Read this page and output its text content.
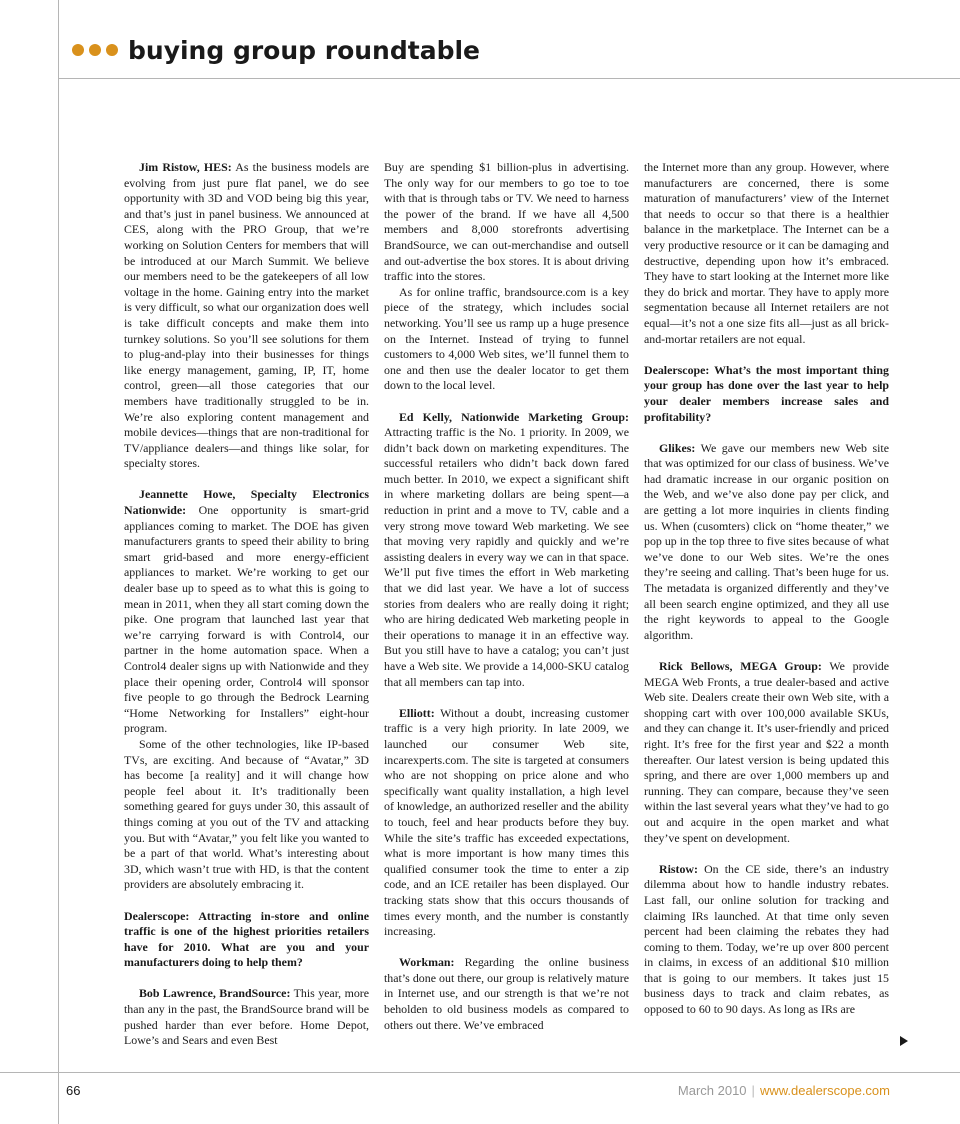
buying group roundtable

Jim Ristow, HES: As the business models are evolving from just pure flat panel, we do see opportunity with 3D and VOD being big this year, and that’s just in panel business. We announced at CES, along with the PRO Group, that we’re working on Solution Centers for members that will be introduced at our March Summit. We believe our members need to be the gatekeepers of all low voltage in the home. Gaining entry into the market is very difficult, so what our organization does well is take difficult concepts and make them into turnkey solutions. So you’ll see solutions for them to plug-and-play into their businesses for things like energy management, gaming, IP, IT, home control, green—all those categories that our members have traditionally struggled to be in. We’re also exploring content management and mobile devices—things that are non-traditional for TV/appliance dealers—and things like solar, for specialty stores.

Jeannette Howe, Specialty Electronics Nationwide: One opportunity is smart-grid appliances coming to market. The DOE has given manufacturers grants to speed their ability to bring smart grid-based and more energy-efficient appliances to market. We’re working to get our dealer base up to speed as to what this is going to mean in 2011, when they all start coming down the pike. One program that launched last year that we’re carrying forward is with Control4, our partner in the home automation space. When a Control4 dealer signs up with Nationwide and they place their opening order, Control4 will sponsor five people to go through the Bedrock Learning “Home Networking for Installers” eight-hour program.

Some of the other technologies, like IP-based TVs, are exciting. And because of “Avatar,” 3D has become [a reality] and it will change how people feel about it. It’s traditionally been something geared for guys under 30, this assault of things coming at you out of the TV and attacking you. But with “Avatar,” you felt like you wanted to be a part of that world. What’s interesting about 3D, which wasn’t true with HD, is that the content providers are absolutely embracing it.

Dealerscope: Attracting in-store and online traffic is one of the highest priorities retailers have for 2010. What are you and your manufacturers doing to help them?

Bob Lawrence, BrandSource: This year, more than any in the past, the BrandSource brand will be pushed harder than ever before. Home Depot, Lowe’s and Sears and even Best

Buy are spending $1 billion-plus in advertising. The only way for our members to go toe to toe with that is through tabs or TV. We need to harness the power of the brand. If we have all 4,500 members and 8,000 storefronts advertising BrandSource, we can out-merchandise and outsell and out-advertise the box stores. It is about driving traffic into the stores.

As for online traffic, brandsource.com is a key piece of the strategy, which includes social networking. You’ll see us ramp up a huge presence on the Internet. Instead of trying to funnel customers to 4,000 Web sites, we’ll funnel them to one and then use the dealer locator to get them down to the local level.

Ed Kelly, Nationwide Marketing Group: Attracting traffic is the No. 1 priority. In 2009, we didn’t back down on marketing expenditures. The successful retailers who didn’t back down fared much better. In 2010, we expect a significant shift in where marketing dollars are being spent—a reduction in print and a move to TV, cable and a very strong move toward Web marketing. We see that moving very rapidly and quickly and we’re assisting dealers in every way we can in that space. We’ll put five times the effort in Web marketing that we did last year. We have a lot of success stories from dealers who are really doing it right; who are hiring dedicated Web marketing people in their operations to manage it in an effective way. But you still have to have a catalog; you can’t just have a Web site. We provide a 14,000-SKU catalog that all members can tap into.

Elliott: Without a doubt, increasing customer traffic is a very high priority. In late 2009, we launched our consumer Web site, incarexperts.com. The site is targeted at consumers who are not shopping on price alone and who specifically want quality installation, a high level of knowledge, an authorized reseller and the ability to touch, feel and hear products before they buy. While the site’s traffic has exceeded expectations, what is more important is how many times this qualified consumer took the time to enter a zip code, and an ICE retailer has been displayed. Our tracking stats show that this occurs thousands of times every month, and the number is constantly increasing.

Workman: Regarding the online business that’s done out there, our group is relatively mature in Internet use, and our strength is that we’re not beholden to old business models as compared to others out there. We’ve embraced

the Internet more than any group. However, where manufacturers are concerned, there is some maturation of manufacturers’ view of the Internet that needs to occur so that there is a healthier balance in the marketplace. The Internet can be a very productive resource or it can be damaging and destructive, depending upon how it’s embraced. They have to start looking at the Internet more like they do brick and mortar. They have to apply more segmentation because all Internet retailers are not equal—it’s not a one size fits all—just as all brick-and-mortar retailers are not equal.

Dealerscope: What’s the most important thing your group has done over the last year to help your dealer members increase sales and profitability?

Glikes: We gave our members new Web site that was optimized for our class of business. We’ve had dramatic increase in our organic position on the Web, and we’ve also done pay per click, and are getting a lot more inquiries in clients finding us. When (cusomters) click on “home theater,” we pop up in the top three to five sites because of what we’ve done to our Web sites. We’re the ones they’re seeing and calling. That’s been huge for us. The metadata is organized differently and they’ve all been search engine optimized, and they all use the right keywords to appeal to the Google algorithm.

Rick Bellows, MEGA Group: We provide MEGA Web Fronts, a true dealer-based and active Web site. Dealers create their own Web site, with a shopping cart with over 100,000 available SKUs, and they can change it. It’s user-friendly and priced right. It’s free for the first year and $22 a month thereafter. Our latest version is being updated this spring, and there are over 1,000 members up and running. They can compare, because they’ve seen within the last several years what they’ve had to go out and acquire in the open market and what they’ve spent on development.

Ristow: On the CE side, there’s an industry dilemma about how to handle industry rebates. Last fall, our online solution for tracking and claiming IRs launched. At that time only seven percent had been claiming the rebates they had coming to them. Today, we’re up over 800 percent in claims, in excess of an additional $10 million that is going to our members. It takes just 15 business days to track and claim rebates, as opposed to 60 to 90 days. As long as IRs are

66	March 2010 | www.dealerscope.com
